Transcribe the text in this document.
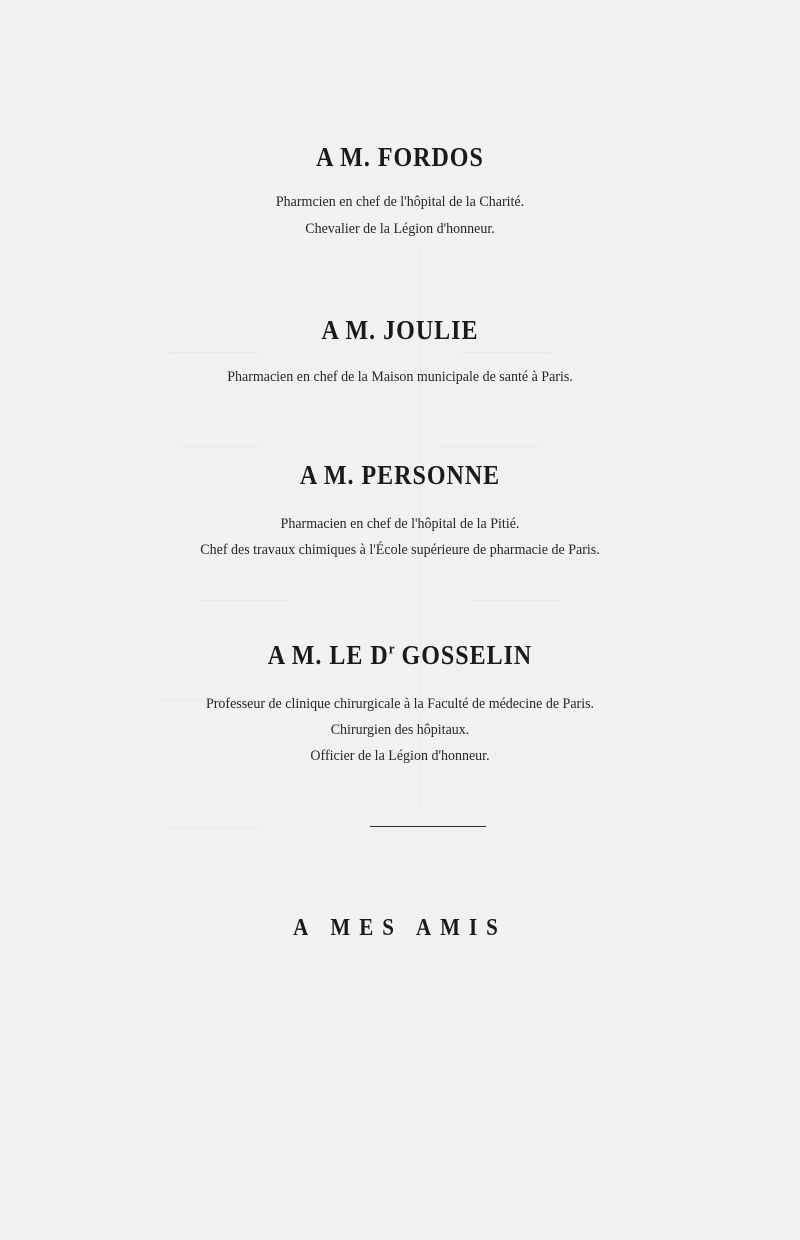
A M. FORDOS

Pharmcien en chef de l'hôpital de la Charité.

Chevalier de la Légion d'honneur.

A M. JOULIE

Pharmacien en chef de la Maison municipale de santé à Paris.

A M. PERSONNE

Pharmacien en chef de l'hôpital de la Pitié.

Chef des travaux chimiques à l'École supérieure de pharmacie de Paris.

A M. LE $D^r$ GOSSELIN

Professeur de clinique chirurgicale à la Faculté de médecine de Paris.

Chirurgien des hôpitaux.

Officier de la Légion d'honneur.

A MES AMIS
